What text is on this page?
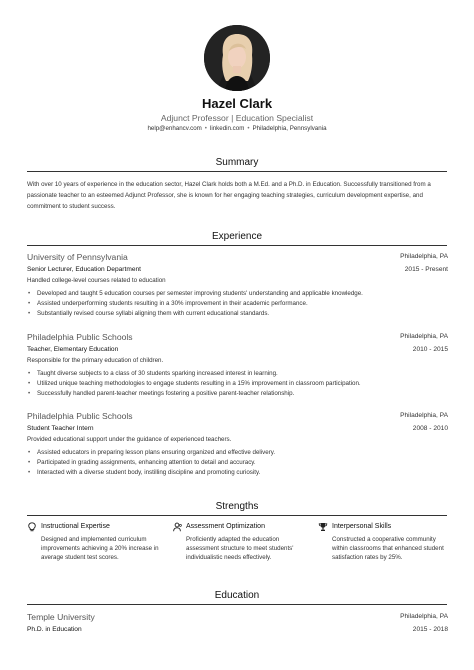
Hazel Clark
Adjunct Professor | Education Specialist
help@enhancv.com • linkedin.com • Philadelphia, Pennsylvania
Summary
With over 10 years of experience in the education sector, Hazel Clark holds both a M.Ed. and a Ph.D. in Education. Successfully transitioned from a passionate teacher to an esteemed Adjunct Professor, she is known for her engaging teaching strategies, curriculum development expertise, and commitment to student success.
Experience
University of Pennsylvania	Philadelphia, PA
Senior Lecturer, Education Department	2015 - Present
Handled college-level courses related to education
• Developed and taught 5 education courses per semester improving students' understanding and applicable knowledge.
• Assisted underperforming students resulting in a 30% improvement in their academic performance.
• Substantially revised course syllabi aligning them with current educational standards.
Philadelphia Public Schools	Philadelphia, PA
Teacher, Elementary Education	2010 - 2015
Responsible for the primary education of children.
• Taught diverse subjects to a class of 30 students sparking increased interest in learning.
• Utilized unique teaching methodologies to engage students resulting in a 15% improvement in classroom participation.
• Successfully handled parent-teacher meetings fostering a positive parent-teacher relationship.
Philadelphia Public Schools	Philadelphia, PA
Student Teacher Intern	2008 - 2010
Provided educational support under the guidance of experienced teachers.
• Assisted educators in preparing lesson plans ensuring organized and effective delivery.
• Participated in grading assignments, enhancing attention to detail and accuracy.
• Interacted with a diverse student body, instilling discipline and promoting curiosity.
Strengths
Instructional Expertise
Designed and implemented curriculum improvements achieving a 20% increase in average student test scores.
Assessment Optimization
Proficiently adapted the education assessment structure to meet students' individualistic needs effectively.
Interpersonal Skills
Constructed a cooperative community within classrooms that enhanced student satisfaction rates by 25%.
Education
Temple University	Philadelphia, PA
Ph.D. in Education	2015 - 2018
